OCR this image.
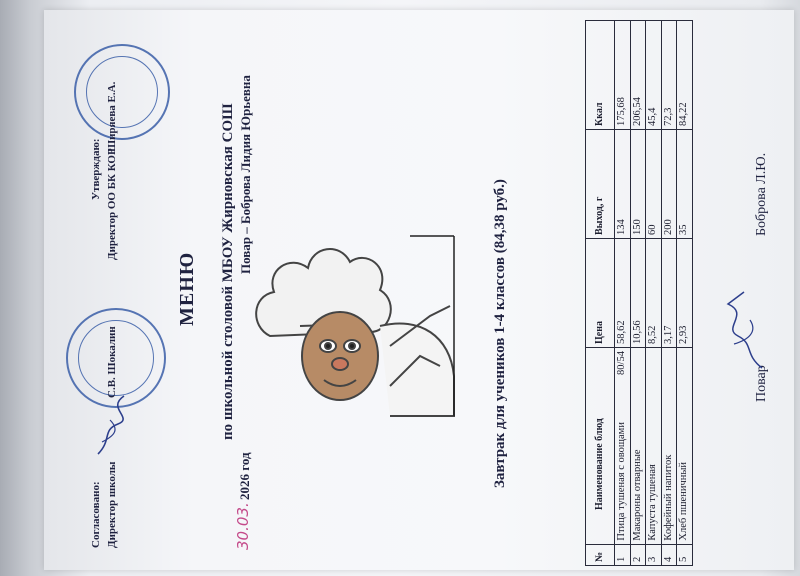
Согласовано: Директор школы
С.В. Шокалин
Утверждаю: Директор ОО БК КОР
Ширяева Е.А.
МЕНЮ по школьной столовой МБОУ Жирновская СОШ
30.03.
2026 год
Повар – Боброва Лидия Юрьевна
Завтрак для учеников 1-4 классов (84,38 руб.)
№	Наименование блюд		Цена	Выход, г	Ккал
1	Птица тушеная с овощами	80/54	58,62	134	175,68
2	Макароны отварные		10,56	150	206,54
3	Капуста тушеная		8,52	60	45,4
4	Кофейный напиток		3,17	200	72,3
5	Хлеб пшеничный		2,93	35	84,22
Повар
Боброва Л.Ю.
